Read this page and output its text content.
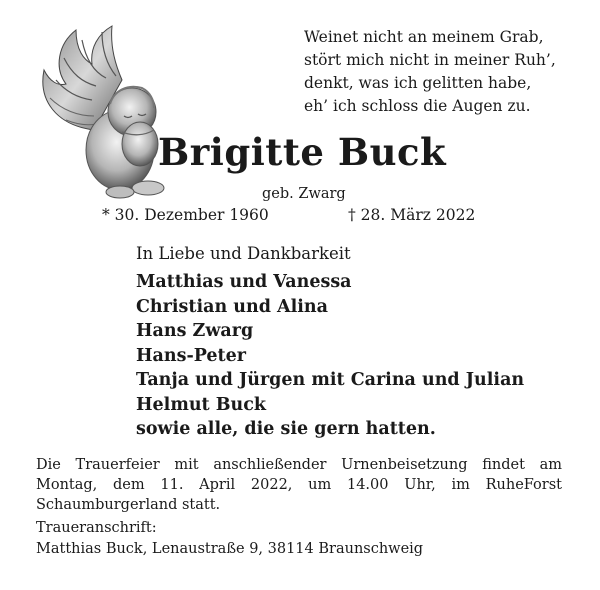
Weinet nicht an meinem Grab,
stört mich nicht in meiner Ruh’,
denkt, was ich gelitten habe,
eh’ ich schloss die Augen zu.
Brigitte Buck
geb. Zwarg
* 30. Dezember 1960	† 28. März 2022
In Liebe und Dankbarkeit
Matthias und Vanessa
Christian und Alina
Hans Zwarg
Hans-Peter
Tanja und Jürgen mit Carina und Julian
Helmut Buck
sowie alle, die sie gern hatten.
Die Trauerfeier mit anschließender Urnenbeisetzung findet am Montag, dem 11. April 2022, um 14.00 Uhr, im RuheForst Schaumburgerland statt.
Traueranschrift:
Matthias Buck, Lenaustraße 9, 38114 Braunschweig
